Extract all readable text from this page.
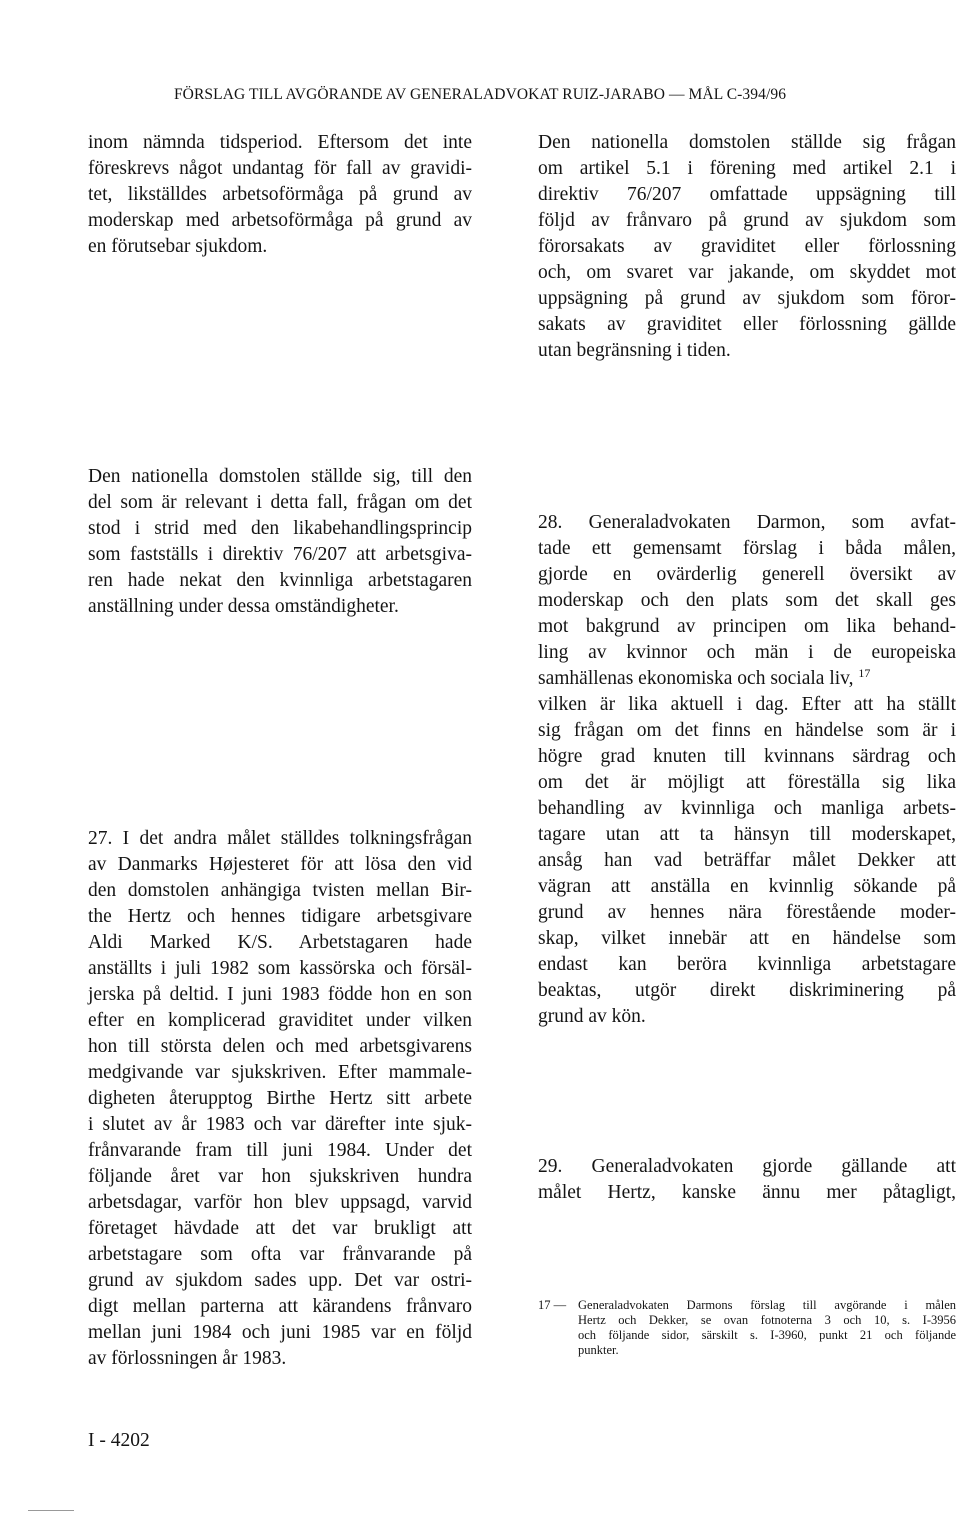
FÖRSLAG TILL AVGÖRANDE AV GENERALADVOKAT RUIZ-JARABO — MÅL C-394/96

inom nämnda tidsperiod. Eftersom det inte

föreskrevs något undantag för fall av gravidi-

tet, likställdes arbetsoförmåga på grund av

moderskap med arbetsoförmåga på grund av

en förutsebar sjukdom.

Den nationella domstolen ställde sig frågan

om artikel 5.1 i förening med artikel 2.1 i

direktiv 76/207 omfattade uppsägning till

följd av frånvaro på grund av sjukdom som

förorsakats av graviditet eller förlossning

och, om svaret var jakande, om skyddet mot

uppsägning på grund av sjukdom som föror-

sakats av graviditet eller förlossning gällde

utan begränsning i tiden.

Den nationella domstolen ställde sig, till den

del som är relevant i detta fall, frågan om det

stod i strid med den likabehandlingsprincip

som fastställs i direktiv 76/207 att arbetsgiva-

ren hade nekat den kvinnliga arbetstagaren

anställning under dessa omständigheter.

27. I det andra målet ställdes tolkningsfrågan

av Danmarks Højesteret för att lösa den vid

den domstolen anhängiga tvisten mellan Bir-

the Hertz och hennes tidigare arbetsgivare

Aldi Marked K/S. Arbetstagaren hade

anställts i juli 1982 som kassörska och försäl-

jerska på deltid. I juni 1983 födde hon en son

efter en komplicerad graviditet under vilken

hon till största delen och med arbetsgivarens

medgivande var sjukskriven. Efter mammale-

digheten återupptog Birthe Hertz sitt arbete

i slutet av år 1983 och var därefter inte sjuk-

frånvarande fram till juni 1984. Under det

följande året var hon sjukskriven hundra

arbetsdagar, varför hon blev uppsagd, varvid

företaget hävdade att det var brukligt att

arbetstagare som ofta var frånvarande på

grund av sjukdom sades upp. Det var ostri-

digt mellan parterna att kärandens frånvaro

mellan juni 1984 och juni 1985 var en följd

av förlossningen år 1983.

28. Generaladvokaten Darmon, som avfat-

tade ett gemensamt förslag i båda målen,

gjorde en ovärderlig generell översikt av

moderskap och den plats som det skall ges

mot bakgrund av principen om lika behand-

ling av kvinnor och män i de europeiska

samhällenas ekonomiska och sociala liv, $^{17}$

vilken är lika aktuell i dag. Efter att ha ställt

sig frågan om det finns en händelse som är i

högre grad knuten till kvinnans särdrag och

om det är möjligt att föreställa sig lika

behandling av kvinnliga och manliga arbets-

tagare utan att ta hänsyn till moderskapet,

ansåg han vad beträffar målet Dekker att

vägran att anställa en kvinnlig sökande på

grund av hennes nära förestående moder-

skap, vilket innebär att en händelse som

endast kan beröra kvinnliga arbetstagare

beaktas, utgör direkt diskriminering på

grund av kön.

29. Generaladvokaten gjorde gällande att

målet Hertz, kanske ännu mer påtagligt,

17 — Generaladvokaten Darmons förslag till avgörande i målen
Hertz och Dekker, se ovan fotnoterna 3 och 10, s. I-3956
och följande sidor, särskilt s. I-3960, punkt 21 och följande
punkter.
I - 4202
